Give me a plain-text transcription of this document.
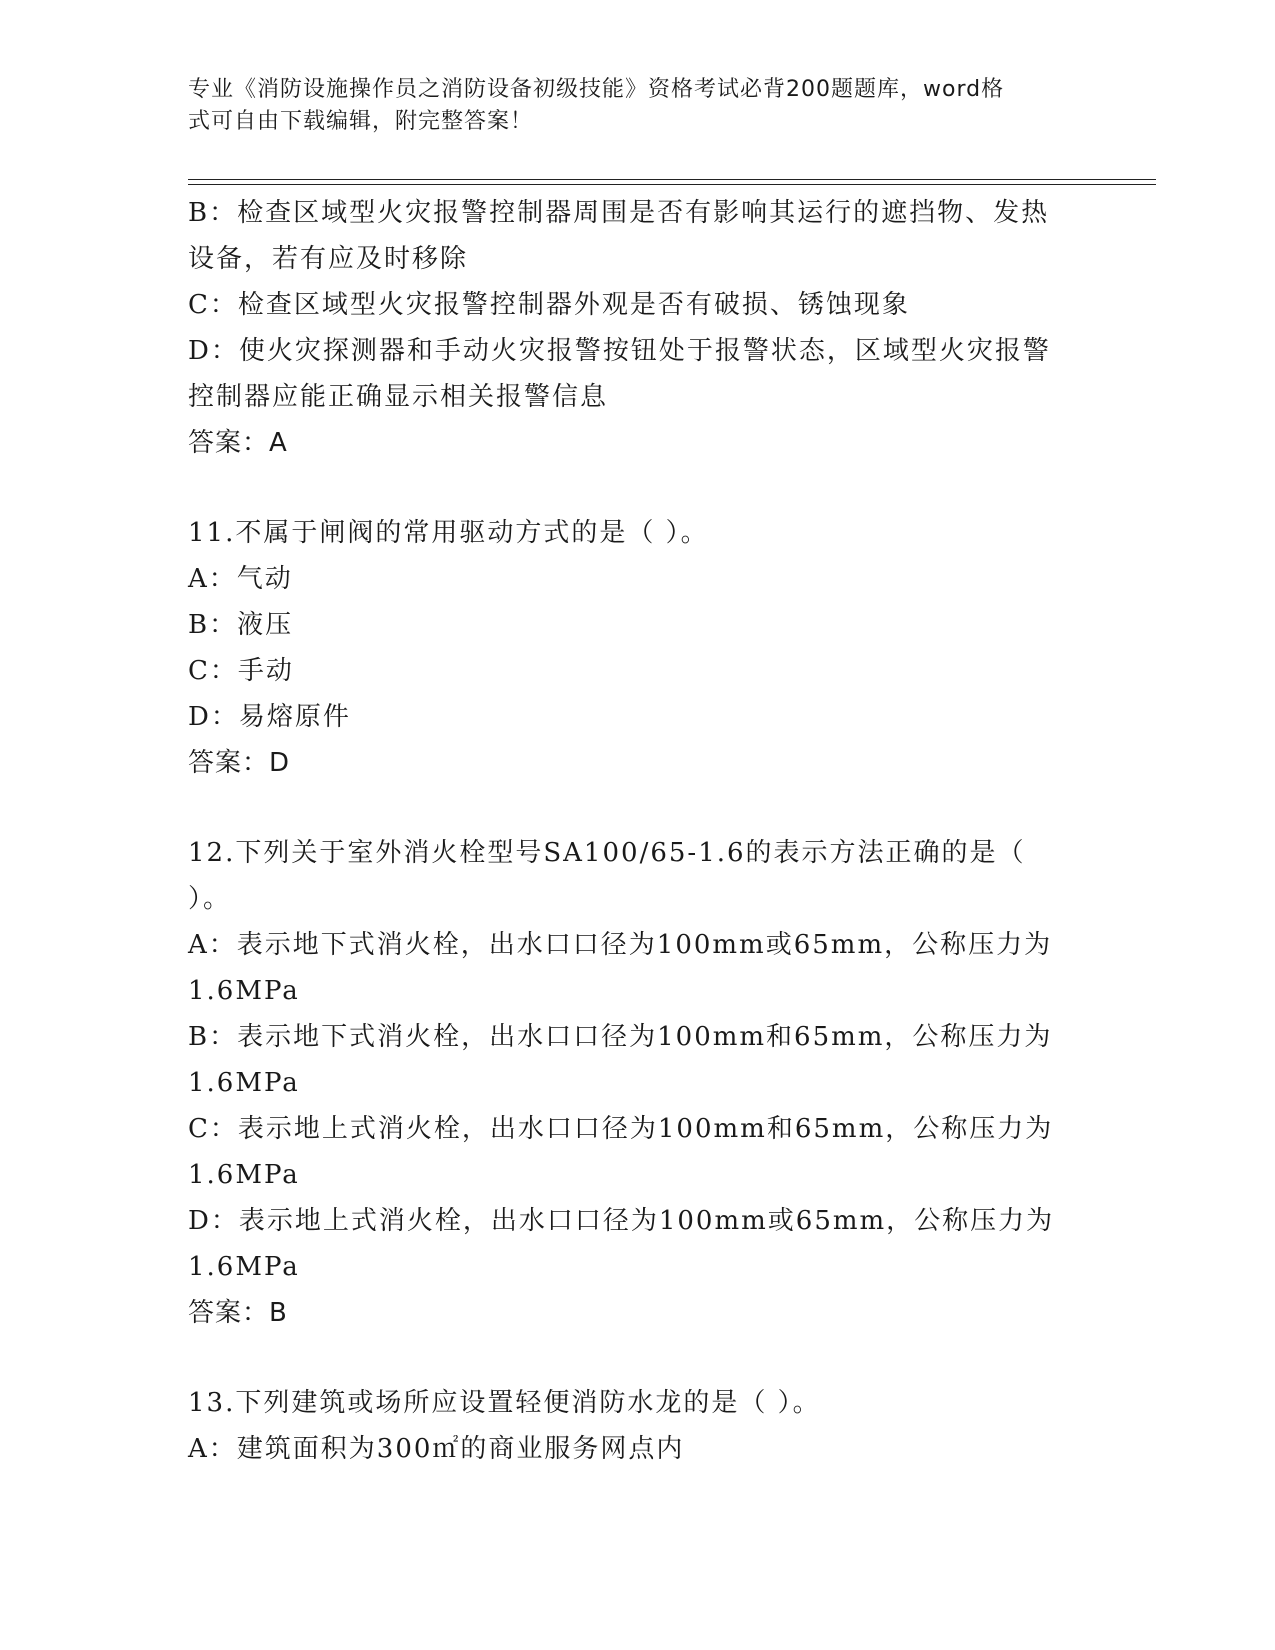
专业《消防设施操作员之消防设备初级技能》资格考试必背200题题库，word格

式可自由下载编辑，附完整答案！

B：检查区域型火灾报警控制器周围是否有影响其运行的遮挡物、发热

设备，若有应及时移除

C：检查区域型火灾报警控制器外观是否有破损、锈蚀现象

D：使火灾探测器和手动火灾报警按钮处于报警状态，区域型火灾报警

控制器应能正确显示相关报警信息

答案：A

11.不属于闸阀的常用驱动方式的是（ ）。

A：气动

B：液压

C：手动

D：易熔原件

答案：D

12.下列关于室外消火栓型号SA100/65-1.6的表示方法正确的是（

）。

A：表示地下式消火栓，出水口口径为100mm或65mm，公称压力为

1.6MPa

B：表示地下式消火栓，出水口口径为100mm和65mm，公称压力为

1.6MPa

C：表示地上式消火栓，出水口口径为100mm和65mm，公称压力为

1.6MPa

D：表示地上式消火栓，出水口口径为100mm或65mm，公称压力为

1.6MPa

答案：B

13.下列建筑或场所应设置轻便消防水龙的是（ ）。

A：建筑面积为300㎡的商业服务网点内
